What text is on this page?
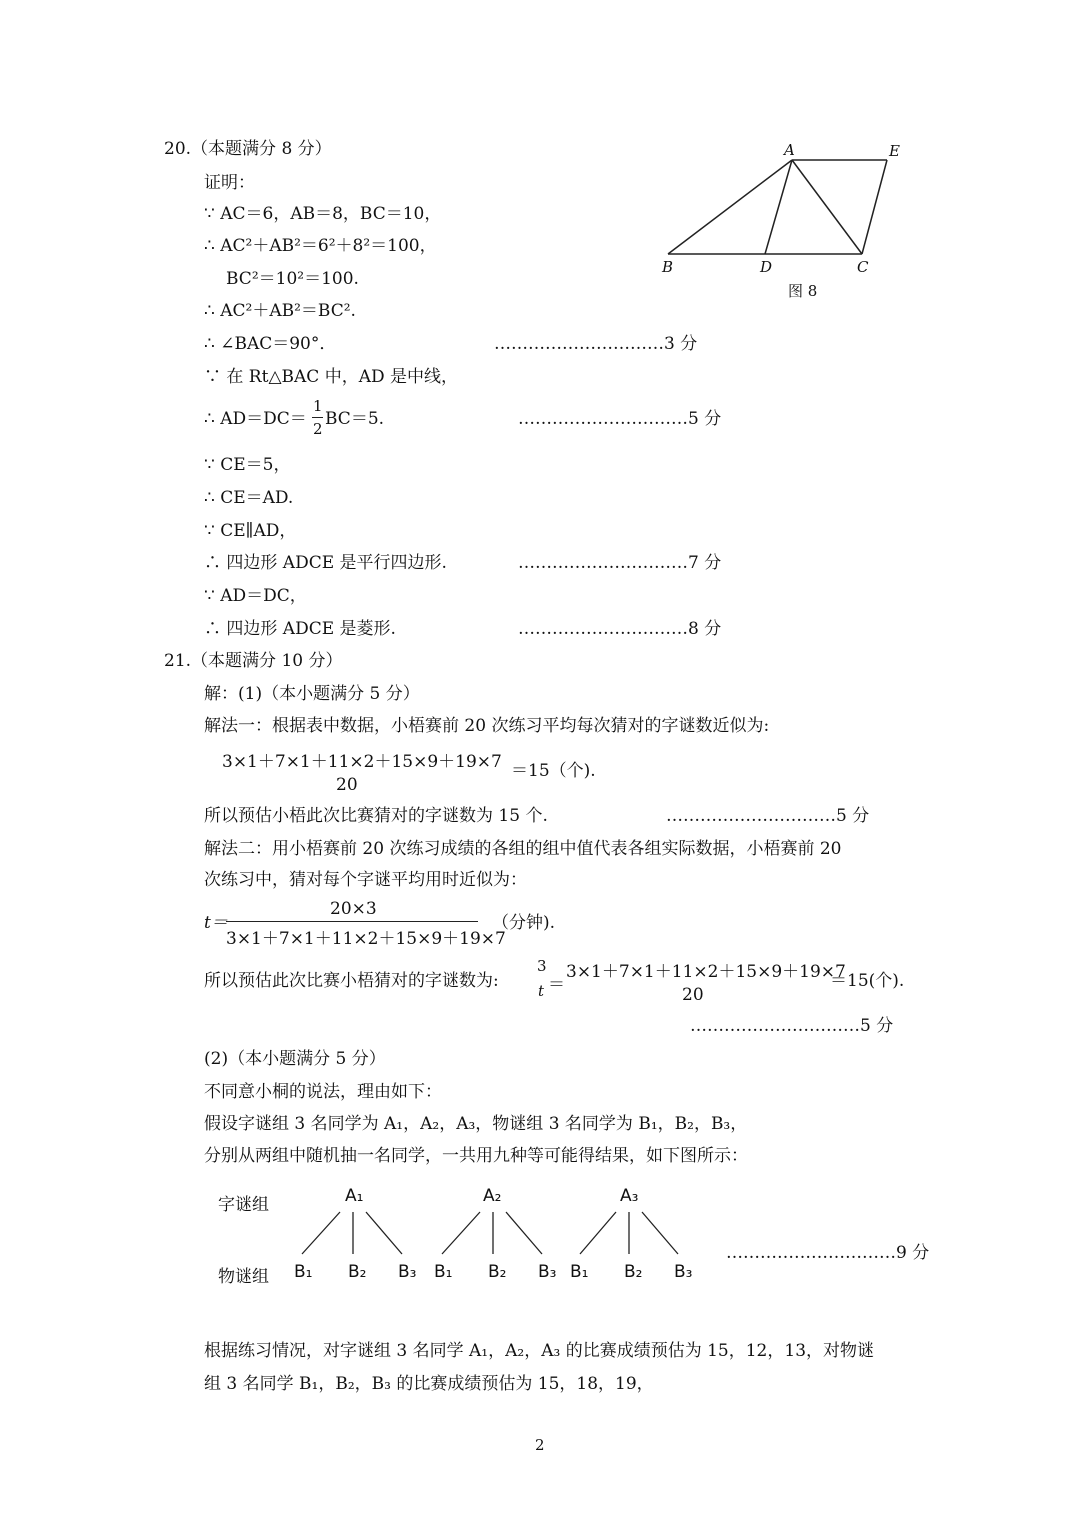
20.（本题满分 8 分）
证明：
∵ AC＝6，AB＝8，BC＝10，
∴ AC²＋AB²＝6²＋8²＝100，
BC²＝10²＝100.
∴ AC²＋AB²＝BC².
∴ ∠BAC＝90°．	…………………………3 分
∵ 在 Rt△BAC 中，AD 是中线，
∴ AD＝DC＝
1
2 BC＝5.	…………………………5 分
∵ CE＝5，
∴ CE＝AD.
∵ CE∥AD，
∴ 四边形 ADCE 是平行四边形.	…………………………7 分
∵ AD＝DC，
∴ 四边形 ADCE 是菱形.	…………………………8 分
A	E
B	D	C
图 8
21.（本题满分 10 分）
解：(1)（本小题满分 5 分）
解法一：根据表中数据，小梧赛前 20 次练习平均每次猜对的字谜数近似为:
3×1＋7×1＋11×2＋15×9＋19×7
20
＝15（个).
所以预估小梧此次比赛猜对的字谜数为 15 个.	…………………………5 分
解法二：用小梧赛前 20 次练习成绩的各组的组中值代表各组实际数据，小梧赛前 20
次练习中，猜对每个字谜平均用时近似为：
t＝
20×3
3×1＋7×1＋11×2＋15×9＋19×7
（分钟).
所以预估此次比赛小梧猜对的字谜数为:
3
t ＝
3×1＋7×1＋11×2＋15×9＋19×7
20
＝15(个).
…………………………5 分
(2)（本小题满分 5 分）
不同意小桐的说法，理由如下：
假设字谜组 3 名同学为 A₁，A₂，A₃，物谜组 3 名同学为 B₁，B₂，B₃，
分别从两组中随机抽一名同学，一共用九种等可能得结果，如下图所示：
字谜组
物谜组
A₁	A₂	A₃
B₁ B₂ B₃ B₁ B₂ B₃ B₁ B₂ B₃
…………………………9 分
根据练习情况，对字谜组 3 名同学 A₁，A₂，A₃ 的比赛成绩预估为 15，12，13，对物谜
组 3 名同学 B₁，B₂，B₃ 的比赛成绩预估为 15，18，19，
2
